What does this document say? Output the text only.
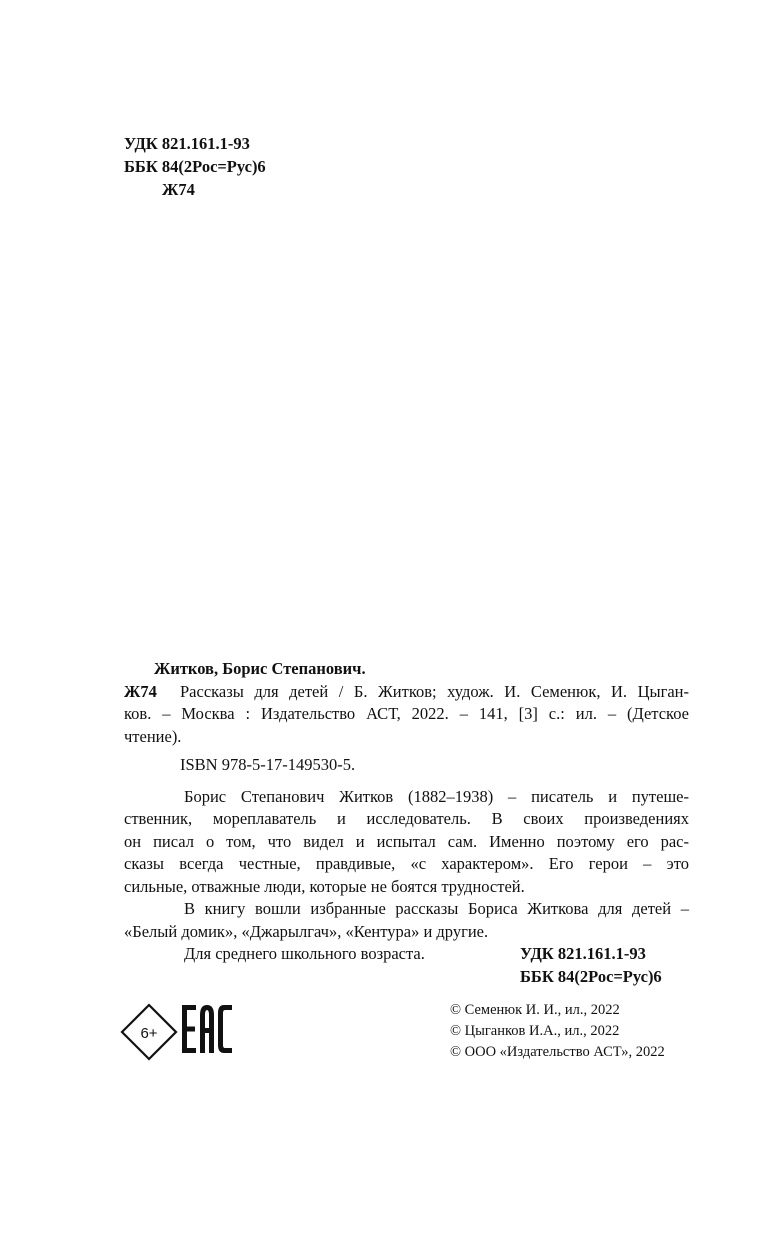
УДК 821.161.1-93
ББК 84(2Рос=Рус)6
Ж74
Житков, Борис Степанович.
Ж74 Рассказы для детей / Б. Житков; худож. И. Семенюк, И. Цыган-
ков. – Москва : Издательство АСТ, 2022. – 141, [3] с.: ил. – (Детское
чтение).
ISBN 978-5-17-149530-5.
Борис Степанович Житков (1882–1938) – писатель и путеше-
ственник, мореплаватель и исследователь. В своих произведениях
он писал о том, что видел и испытал сам. Именно поэтому его рас-
сказы всегда честные, правдивые, «с характером». Его герои – это
сильные, отважные люди, которые не боятся трудностей.
В книгу вошли избранные рассказы Бориса Житкова для детей –
«Белый домик», «Джарылгач», «Кентура» и другие.
Для среднего школьного возраста.	УДК 821.161.1-93
ББК 84(2Рос=Рус)6
6+
© Семенюк И. И., ил., 2022
© Цыганков И.А., ил., 2022
© ООО «Издательство АСТ», 2022
